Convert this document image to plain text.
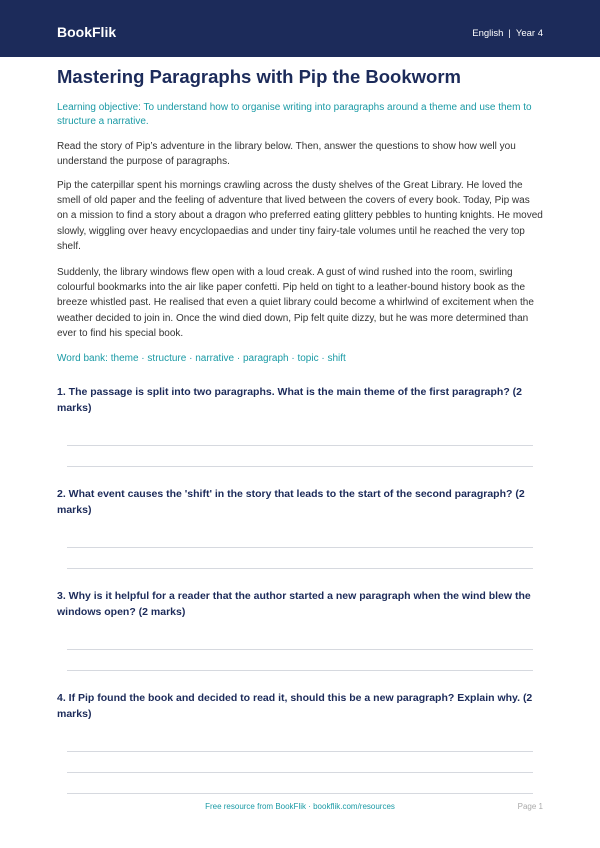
BookFlik	English | Year 4
Mastering Paragraphs with Pip the Bookworm

Learning objective: To understand how to organise writing into paragraphs around a theme and use them to structure a narrative.

Read the story of Pip’s adventure in the library below. Then, answer the questions to show how well you understand the purpose of paragraphs.

Pip the caterpillar spent his mornings crawling across the dusty shelves of the Great Library. He loved the smell of old paper and the feeling of adventure that lived between the covers of every book. Today, Pip was on a mission to find a story about a dragon who preferred eating glittery pebbles to hunting knights. He moved slowly, wiggling over heavy encyclopaedias and under tiny fairy-tale volumes until he reached the very top shelf.

Suddenly, the library windows flew open with a loud creak. A gust of wind rushed into the room, swirling colourful bookmarks into the air like paper confetti. Pip held on tight to a leather-bound history book as the breeze whistled past. He realised that even a quiet library could become a whirlwind of excitement when the weather decided to join in. Once the wind died down, Pip felt quite dizzy, but he was more determined than ever to find his special book.

Word bank: theme · structure · narrative · paragraph · topic · shift

1. The passage is split into two paragraphs. What is the main theme of the first paragraph? (2 marks)
2. What event causes the 'shift' in the story that leads to the start of the second paragraph? (2 marks)
3. Why is it helpful for a reader that the author started a new paragraph when the wind blew the windows open? (2 marks)
4. If Pip found the book and decided to read it, should this be a new paragraph? Explain why. (2 marks)
Free resource from BookFlik · bookflik.com/resources	Page 1
